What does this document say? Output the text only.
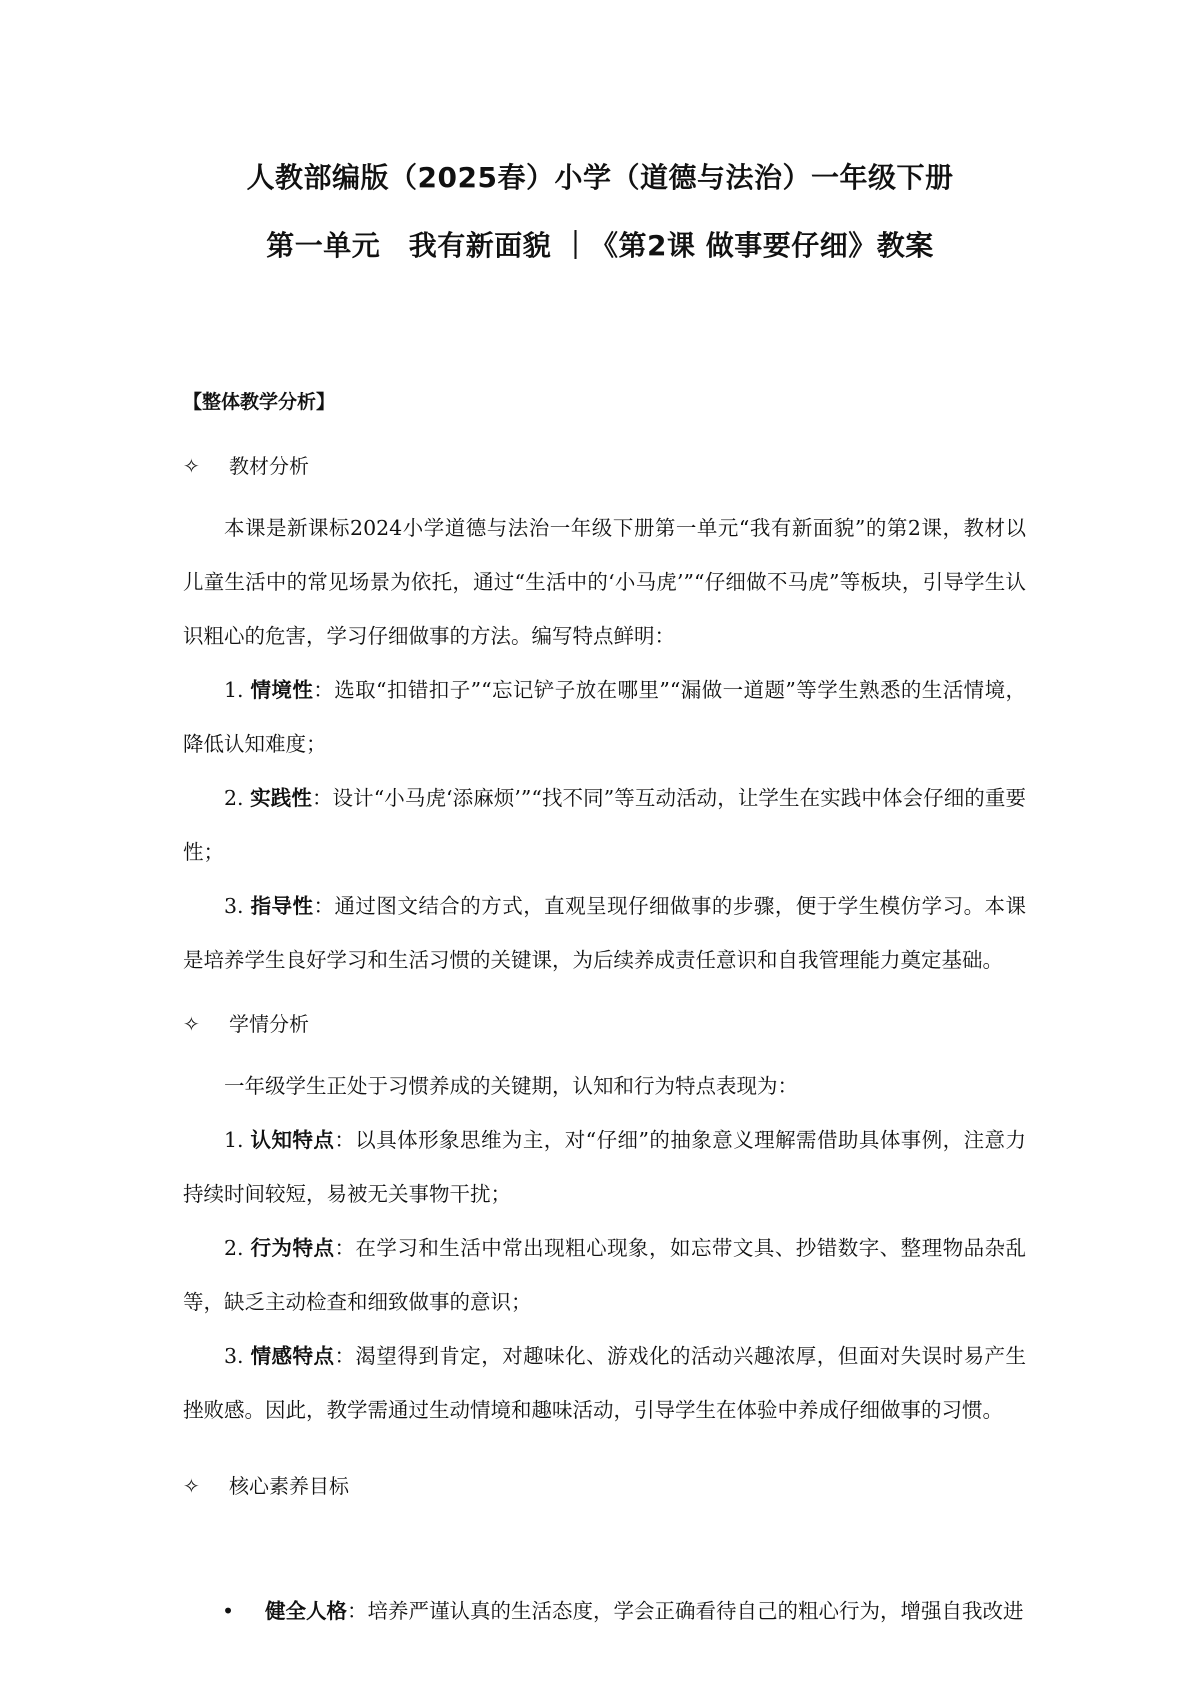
人教部编版（2025春）小学（道德与法治）一年级下册
第一单元　我有新面貌 ｜《第2课 做事要仔细》教案
【整体教学分析】
✧ 教材分析
本课是新课标2024小学道德与法治一年级下册第一单元“我有新面貌”的第2课，教材以儿童生活中的常见场景为依托，通过“生活中的‘小马虎’”“仔细做不马虎”等板块，引导学生认识粗心的危害，学习仔细做事的方法。编写特点鲜明：
1. 情境性：选取“扣错扣子”“忘记铲子放在哪里”“漏做一道题”等学生熟悉的生活情境，降低认知难度；
2. 实践性：设计“小马虎‘添麻烦’”“找不同”等互动活动，让学生在实践中体会仔细的重要性；
3. 指导性：通过图文结合的方式，直观呈现仔细做事的步骤，便于学生模仿学习。本课是培养学生良好学习和生活习惯的关键课，为后续养成责任意识和自我管理能力奠定基础。
✧ 学情分析
一年级学生正处于习惯养成的关键期，认知和行为特点表现为：
1. 认知特点：以具体形象思维为主，对“仔细”的抽象意义理解需借助具体事例，注意力持续时间较短，易被无关事物干扰；
2. 行为特点：在学习和生活中常出现粗心现象，如忘带文具、抄错数字、整理物品杂乱等，缺乏主动检查和细致做事的意识；
3. 情感特点：渴望得到肯定，对趣味化、游戏化的活动兴趣浓厚，但面对失误时易产生挫败感。因此，教学需通过生动情境和趣味活动，引导学生在体验中养成仔细做事的习惯。
✧ 核心素养目标
• 健全人格：培养严谨认真的生活态度，学会正确看待自己的粗心行为，增强自我改进
